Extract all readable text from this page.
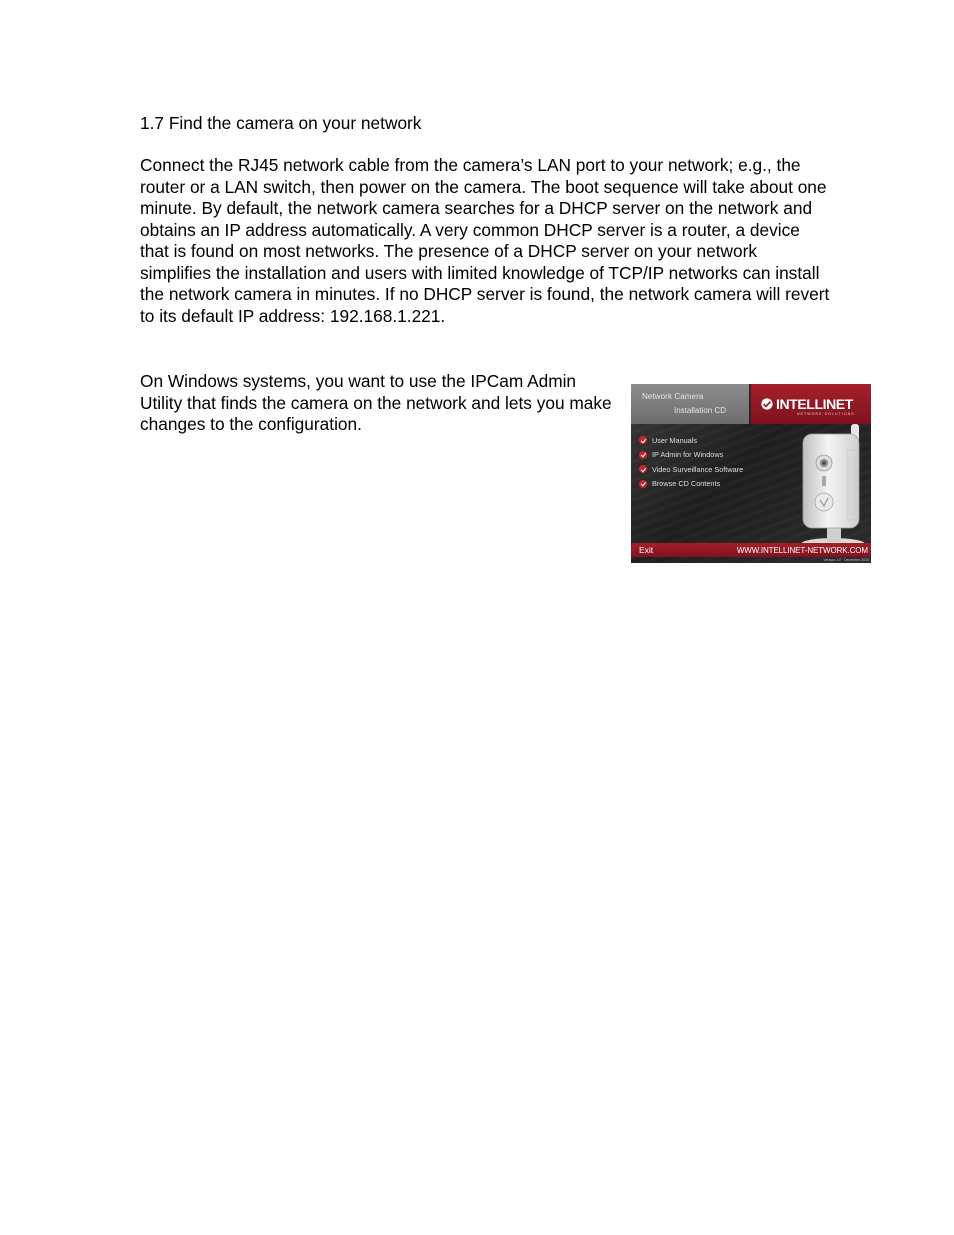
1.7 Find the camera on your network

Connect the RJ45 network cable from the camera’s LAN port to your network; e.g., the router or a LAN switch, then power on the camera. The boot sequence will take about one minute. By default, the network camera searches for a DHCP server on the network and obtains an IP address automatically. A very common DHCP server is a router, a device that is found on most networks. The presence of a DHCP server on your network simplifies the installation and users with limited knowledge of TCP/IP networks can install the network camera in minutes. If no DHCP server is found, the network camera will revert to its default IP address: 192.168.1.221.

On Windows systems, you want to use the IPCam Admin Utility that finds the camera on the network and lets you make changes to the configuration.

Network Camera
Installation CD	INTELLINET
NETWORK SOLUTIONS
User Manuals
IP Admin for Windows
Video Surveillance Software
Browse CD Contents
Exit	WWW.INTELLINET-NETWORK.COM
Version 1.0 · December 2010
